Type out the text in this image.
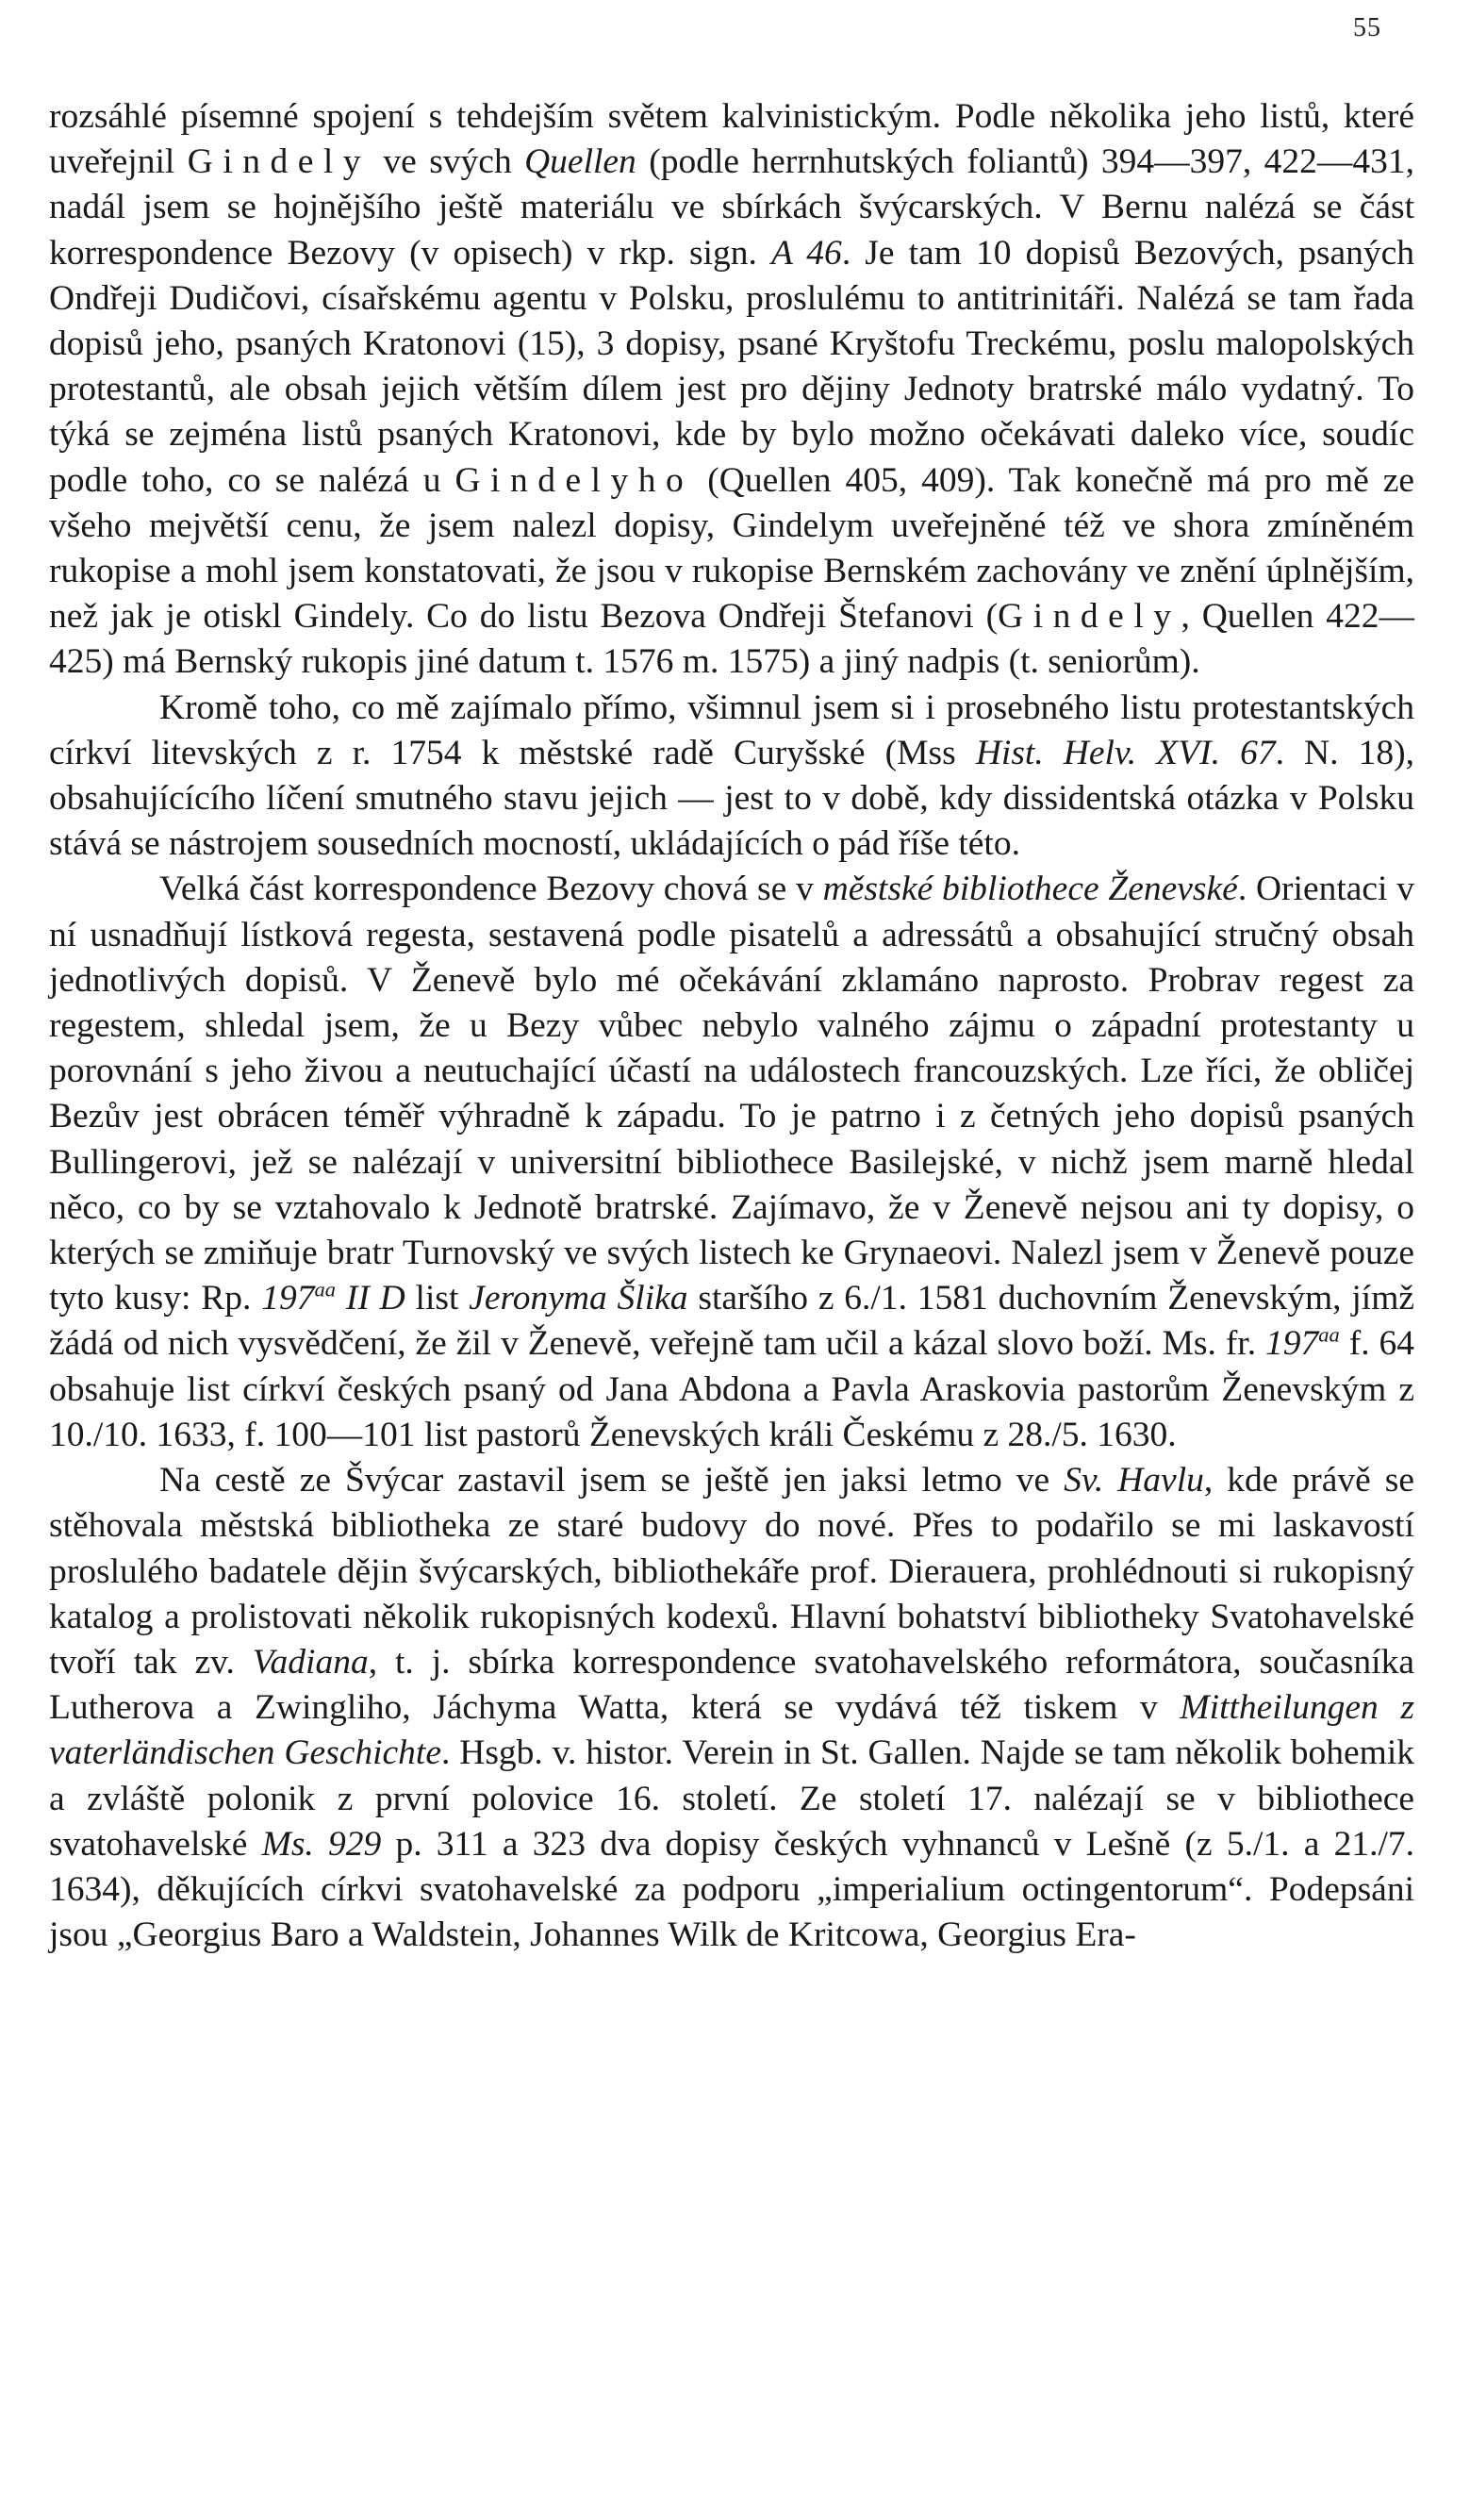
55

rozsáhlé písemné spojení s tehdejším světem kalvinistickým. Podle několika jeho listů, které uveřejnil Gindely ve svých Quellen (podle herrnhutských foliantů) 394—397, 422—431, nadál jsem se hojnějšího ještě materiálu ve sbírkách švýcarských. V Bernu nalézá se část korrespondence Bezovy (v opisech) v rkp. sign. A 46. Je tam 10 dopisů Bezových, psaných Ondřeji Dudičovi, císařskému agentu v Polsku, proslulému to antitrinitáři. Nalézá se tam řada dopisů jeho, psaných Kratonovi (15), 3 dopisy, psané Kryštofu Treckému, poslu malopolských protestantů, ale obsah jejich větším dílem jest pro dějiny Jednoty bratrské málo vydatný. To týká se zejména listů psaných Kratonovi, kde by bylo možno očekávati daleko více, soudíc podle toho, co se nalézá u Gindelyho (Quellen 405, 409). Tak konečně má pro mě ze všeho mejvětší cenu, že jsem nalezl dopisy, Gindelym uveřejněné též ve shora zmíněném rukopise a mohl jsem konstatovati, že jsou v rukopise Bernském zachovány ve znění úplnějším, než jak je otiskl Gindely. Co do listu Bezova Ondřeji Štefanovi (Gindely, Quellen 422—425) má Bernský rukopis jiné datum t. 1576 m. 1575) a jiný nadpis (t. seniorům).

Kromě toho, co mě zajímalo přímo, všimnul jsem si i prosebného listu protestantských církví litevských z r. 1754 k městské radě Curyšské (Mss Hist. Helv. XVI. 67. N. 18), obsahujícícího líčení smutného stavu jejich — jest to v době, kdy dissidentská otázka v Polsku stává se nástrojem sousedních mocností, ukládajících o pád říše této.

Velká část korrespondence Bezovy chová se v městské bibliothece Ženevské. Orientaci v ní usnadňují lístková regesta, sestavená podle pisatelů a adressátů a obsahující stručný obsah jednotlivých dopisů. V Ženevě bylo mé očekávání zklamáno naprosto. Probrav regest za regestem, shledal jsem, že u Bezy vůbec nebylo valného zájmu o západní protestanty u porovnání s jeho živou a neutuchající účastí na událostech francouzských. Lze říci, že obličej Bezův jest obrácen téměř výhradně k západu. To je patrno i z četných jeho dopisů psaných Bullingerovi, jež se nalézají v universitní bibliothece Basilejské, v nichž jsem marně hledal něco, co by se vztahovalo k Jednotě bratrské. Zajímavo, že v Ženevě nejsou ani ty dopisy, o kterých se zmiňuje bratr Turnovský ve svých listech ke Grynaeovi. Nalezl jsem v Ženevě pouze tyto kusy: Rp. $197^{aa}$ II D list Jeronyma Šlika staršího z 6./1. 1581 duchovním Ženevským, jímž žádá od nich vysvědčení, že žil v Ženevě, veřejně tam učil a kázal slovo boží. Ms. fr. $197^{aa}$ f. 64 obsahuje list církví českých psaný od Jana Abdona a Pavla Araskovia pastorům Ženevským z 10./10. 1633, f. 100—101 list pastorů Ženevských králi Českému z 28./5. 1630.

Na cestě ze Švýcar zastavil jsem se ještě jen jaksi letmo ve Sv. Havlu, kde právě se stěhovala městská bibliotheka ze staré budovy do nové. Přes to podařilo se mi laskavostí proslulého badatele dějin švýcarských, bibliothekáře prof. Dierauera, prohlédnouti si rukopisný katalog a prolistovati několik rukopisných kodexů. Hlavní bohatství bibliotheky Svatohavelské tvoří tak zv. Vadiana, t. j. sbírka korrespondence svatohavelského reformátora, současníka Lutherova a Zwingliho, Jáchyma Watta, která se vydává též tiskem v Mittheilungen z vaterländischen Geschichte. Hsgb. v. histor. Verein in St. Gallen. Najde se tam několik bohemik a zvláště polonik z první polovice 16. století. Ze století 17. nalézají se v bibliothece svatohavelské Ms. 929 p. 311 a 323 dva dopisy českých vyhnanců v Lešně (z 5./1. a 21./7. 1634), děkujících církvi svatohavelské za podporu „imperialium octingentorum“. Podepsáni jsou „Georgius Baro a Waldstein, Johannes Wilk de Kritcowa, Georgius Era-
